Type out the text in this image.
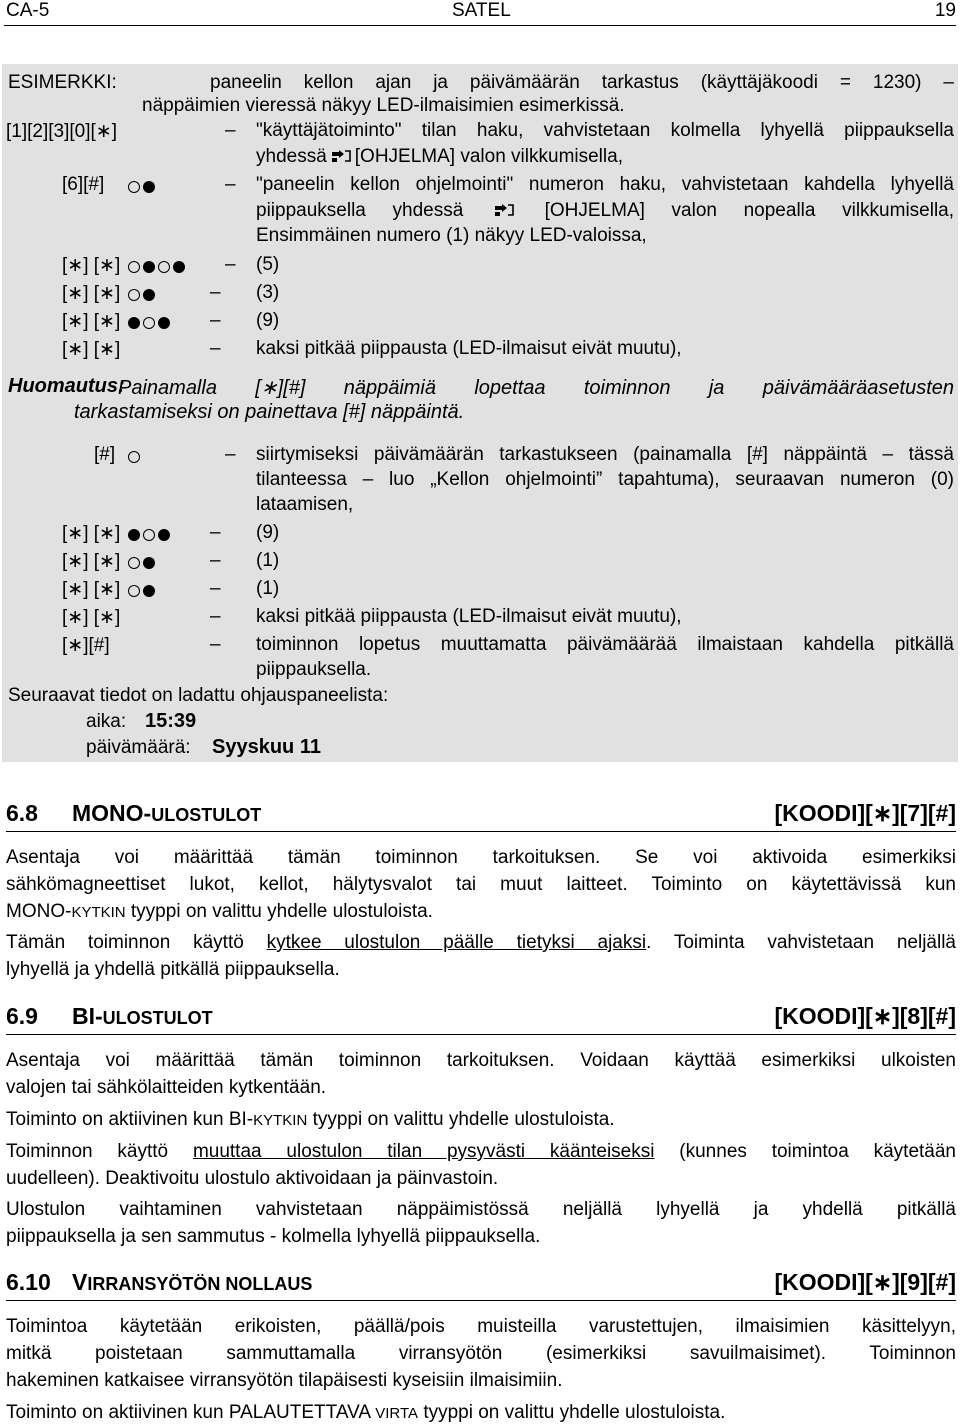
CA-5	SATEL	19
ESIMERKKI:	paneelin kellon ajan ja päivämäärän tarkastus (käyttäjäkoodi = 1230) –
näppäimien vieressä näkyy LED-ilmaisimien esimerkissä.
[1][2][3][0][∗]	– "käyttäjätoiminto" tilan haku, vahvistetaan kolmella lyhyellä piippauksella
yhdessä [OHJELMA] valon vilkkumisella,
[6][#]	– "paneelin kellon ohjelmointi" numeron haku, vahvistetaan kahdella lyhyellä
piippauksella yhdessä	[OHJELMA] valon nopealla vilkkumisella,
Ensimmäinen numero (1) näkyy LED-valoissa,
[∗] [∗]	– (5)
[∗] [∗]	– (3)
[∗] [∗]	– (9)
[∗] [∗]	– kaksi pitkää piippausta (LED-ilmaisut eivät muutu),
Huomautus:
Painamalla [∗][#] näppäimiä lopettaa toiminnon ja päivämääräasetusten
tarkastamiseksi on painettava [#] näppäintä.
[#]	– siirtymiseksi päivämäärän tarkastukseen (painamalla [#] näppäintä – tässä
tilanteessa – luo „Kellon ohjelmointi” tapahtuma), seuraavan numeron (0)
lataamisen,
[∗] [∗]	– (9)
[∗] [∗]	– (1)
[∗] [∗]	– (1)
[∗] [∗]	– kaksi pitkää piippausta (LED-ilmaisut eivät muutu),
[∗][#]	– toiminnon lopetus muuttamatta päivämäärää ilmaistaan kahdella pitkällä
piippauksella.
Seuraavat tiedot on ladattu ohjauspaneelista:
aika: 15:39
päivämäärä: Syyskuu 11
6.8 MONO-ULOSTULOT	[KOODI][∗][7][#]
Asentaja voi määrittää tämän toiminnon tarkoituksen. Se voi aktivoida esimerkiksi
sähkömagneettiset lukot, kellot, hälytysvalot tai muut laitteet. Toiminto on käytettävissä kun
MONO-KYTKIN tyyppi on valittu yhdelle ulostuloista.
Tämän toiminnon käyttö kytkee ulostulon päälle tietyksi ajaksi. Toiminta vahvistetaan neljällä
lyhyellä ja yhdellä pitkällä piippauksella.
6.9 BI-ULOSTULOT	[KOODI][∗][8][#]
Asentaja voi määrittää tämän toiminnon tarkoituksen. Voidaan käyttää esimerkiksi ulkoisten
valojen tai sähkölaitteiden kytkentään.
Toiminto on aktiivinen kun BI-KYTKIN tyyppi on valittu yhdelle ulostuloista.
Toiminnon käyttö muuttaa ulostulon tilan pysyvästi käänteiseksi (kunnes toimintoa käytetään
uudelleen). Deaktivoitu ulostulo aktivoidaan ja päinvastoin.
Ulostulon vaihtaminen vahvistetaan näppäimistössä neljällä lyhyellä ja yhdellä pitkällä
piippauksella ja sen sammutus - kolmella lyhyellä piippauksella.
6.10 VIRRANSYÖTÖN NOLLAUS	[KOODI][∗][9][#]
Toimintoa käytetään erikoisten, päällä/pois muisteilla varustettujen, ilmaisimien käsittelyyn,
mitkä poistetaan sammuttamalla virransyötön (esimerkiksi savuilmaisimet). Toiminnon
hakeminen katkaisee virransyötön tilapäisesti kyseisiin ilmaisimiin.
Toiminto on aktiivinen kun PALAUTETTAVA VIRTA tyyppi on valittu yhdelle ulostuloista.
